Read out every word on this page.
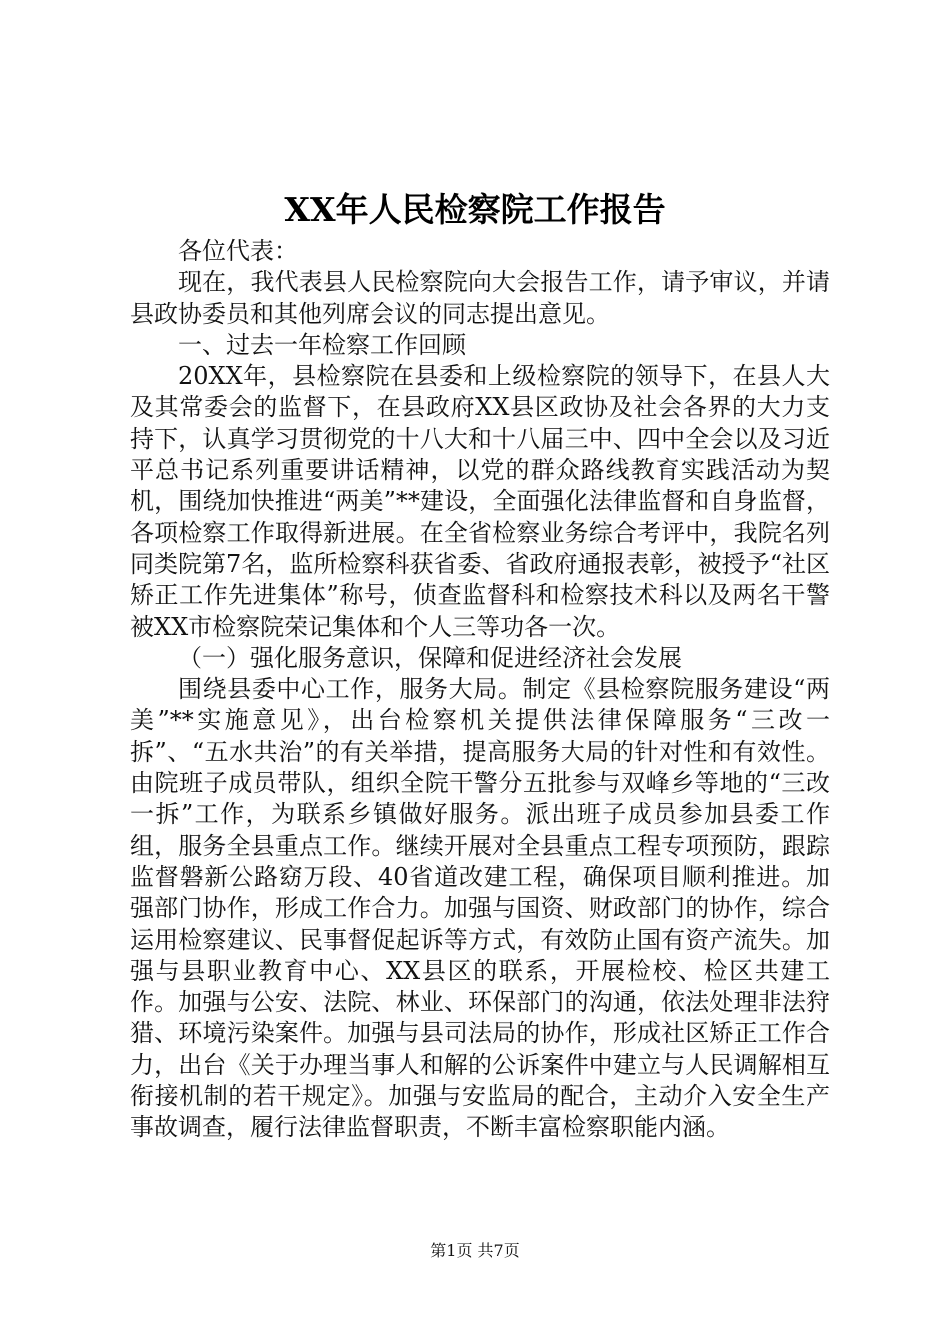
XX年人民检察院工作报告

各位代表：

现在，我代表县人民检察院向大会报告工作，请予审议，并请县政协委员和其他列席会议的同志提出意见。

一、过去一年检察工作回顾

20XX年，县检察院在县委和上级检察院的领导下，在县人大及其常委会的监督下，在县政府XX县区政协及社会各界的大力支持下，认真学习贯彻党的十八大和十八届三中、四中全会以及习近平总书记系列重要讲话精神，以党的群众路线教育实践活动为契机，围绕加快推进“两美”**建设，全面强化法律监督和自身监督，各项检察工作取得新进展。在全省检察业务综合考评中，我院名列同类院第7名，监所检察科获省委、省政府通报表彰，被授予“社区矫正工作先进集体”称号，侦查监督科和检察技术科以及两名干警被XX市检察院荣记集体和个人三等功各一次。

（一）强化服务意识，保障和促进经济社会发展

围绕县委中心工作，服务大局。制定《县检察院服务建设“两美”**实施意见》，出台检察机关提供法律保障服务“三改一拆”、“五水共治”的有关举措，提高服务大局的针对性和有效性。由院班子成员带队，组织全院干警分五批参与双峰乡等地的“三改一拆”工作，为联系乡镇做好服务。派出班子成员参加县委工作组，服务全县重点工作。继续开展对全县重点工程专项预防，跟踪监督磐新公路窈万段、40省道改建工程，确保项目顺利推进。加强部门协作，形成工作合力。加强与国资、财政部门的协作，综合运用检察建议、民事督促起诉等方式，有效防止国有资产流失。加强与县职业教育中心、XX县区的联系，开展检校、检区共建工作。加强与公安、法院、林业、环保部门的沟通，依法处理非法狩猎、环境污染案件。加强与县司法局的协作，形成社区矫正工作合力，出台《关于办理当事人和解的公诉案件中建立与人民调解相互衔接机制的若干规定》。加强与安监局的配合，主动介入安全生产事故调查，履行法律监督职责，不断丰富检察职能内涵。

第1页 共7页
